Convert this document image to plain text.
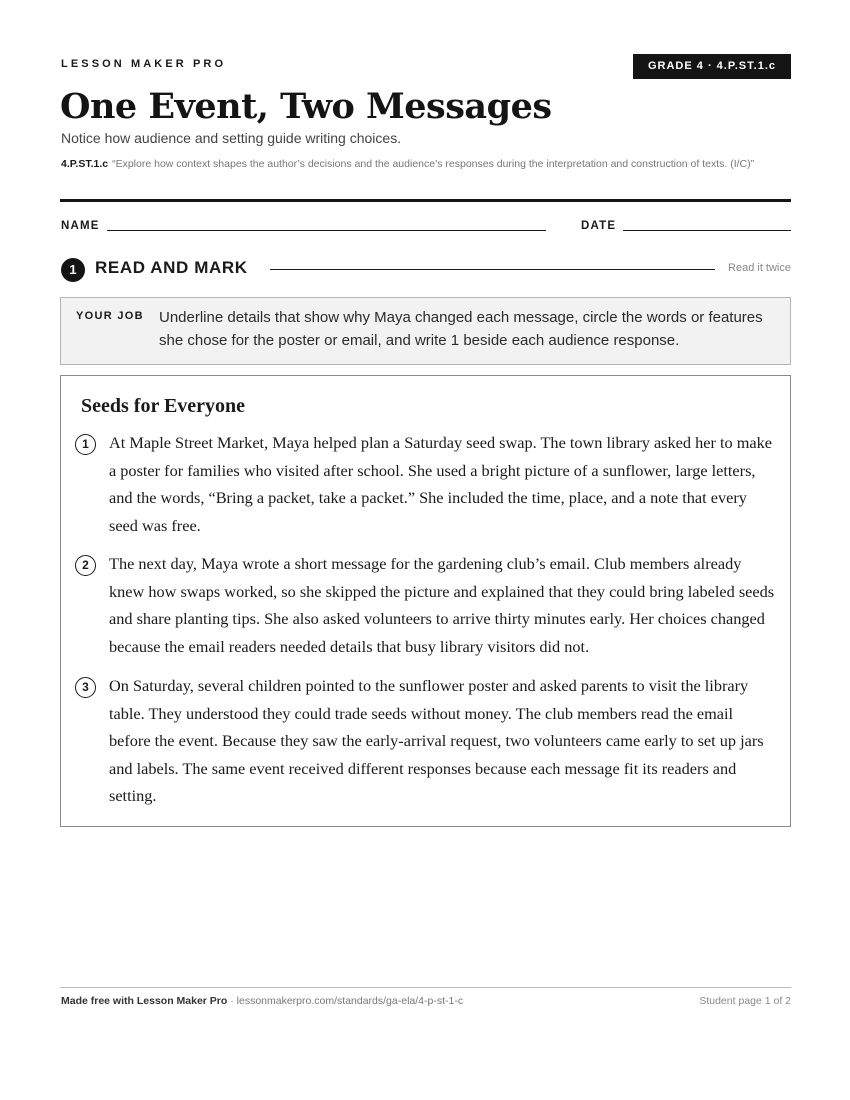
LESSON MAKER PRO	GRADE 4 · 4.P.ST.1.c
One Event, Two Messages
Notice how audience and setting guide writing choices.
4.P.ST.1.c “Explore how context shapes the author’s decisions and the audience’s responses during the interpretation and construction of texts. (I/C)”
NAME	DATE
1	READ AND MARK	Read it twice
YOUR JOB Underline details that show why Maya changed each message, circle the words or features she chose for the poster or email, and write 1 beside each audience response.
Seeds for Everyone
1	At Maple Street Market, Maya helped plan a Saturday seed swap. The town library asked her to make a poster for families who visited after school. She used a bright picture of a sunflower, large letters, and the words, “Bring a packet, take a packet.” She included the time, place, and a note that every seed was free.
2	The next day, Maya wrote a short message for the gardening club’s email. Club members already knew how swaps worked, so she skipped the picture and explained that they could bring labeled seeds and share planting tips. She also asked volunteers to arrive thirty minutes early. Her choices changed because the email readers needed details that busy library visitors did not.
3	On Saturday, several children pointed to the sunflower poster and asked parents to visit the library table. They understood they could trade seeds without money. The club members read the email before the event. Because they saw the early-arrival request, two volunteers came early to set up jars and labels. The same event received different responses because each message fit its readers and setting.
Made free with Lesson Maker Pro · lessonmakerpro.com/standards/ga-ela/4-p-st-1-c	Student page 1 of 2
